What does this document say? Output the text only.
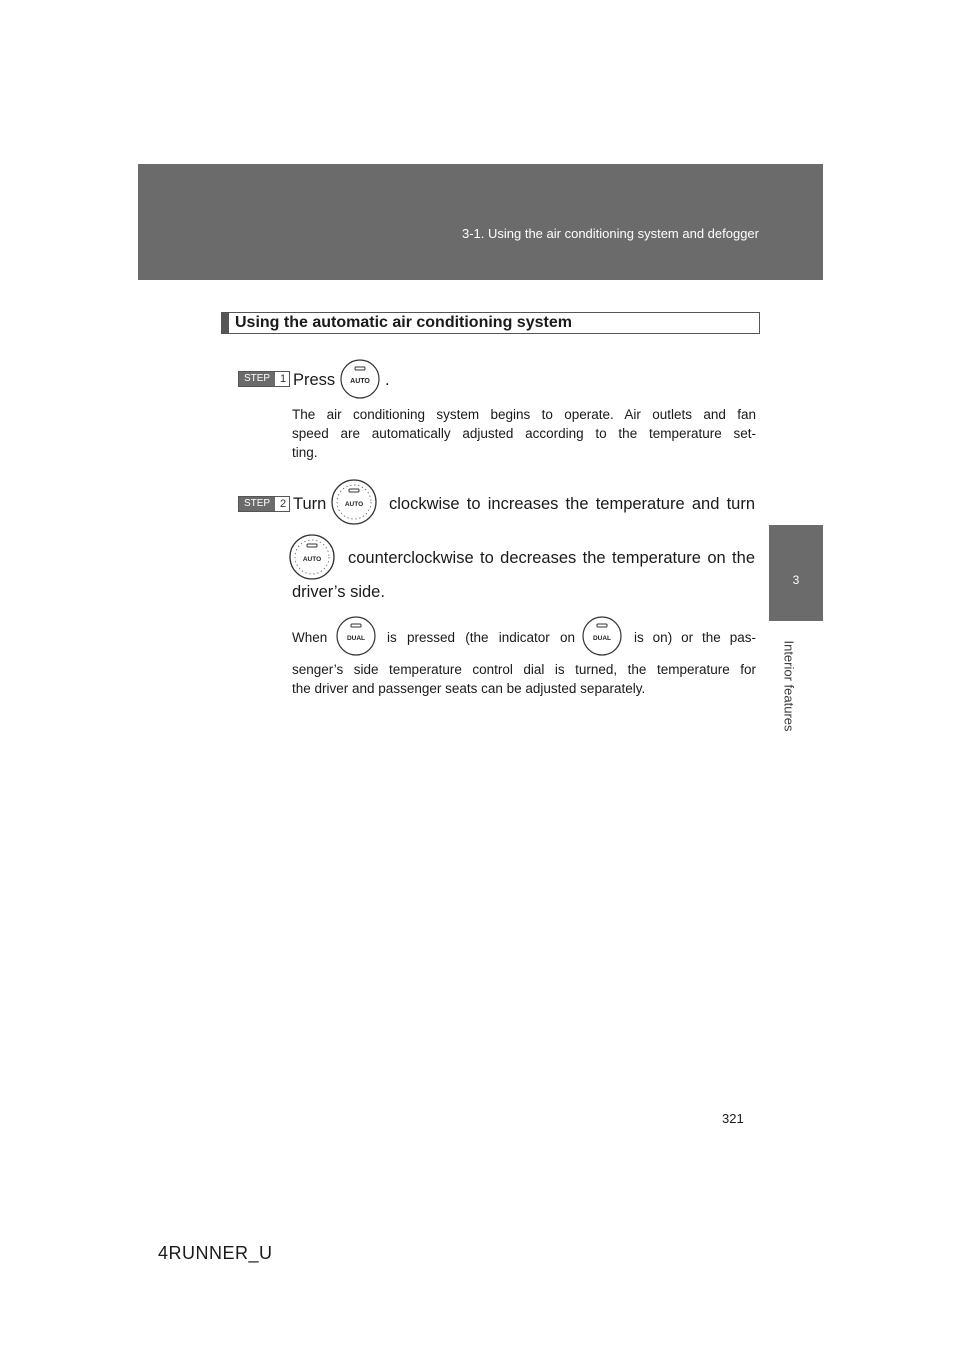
3-1. Using the air conditioning system and defogger
3
Interior features
Using the automatic air conditioning system
STEP 1 Press AUTO .
The air conditioning system begins to operate. Air outlets and fan
speed are automatically adjusted according to the temperature set-
ting.
STEP 2 Turn	AUTO clockwise to increases the temperature and turn
AUTO counterclockwise to decreases the temperature on the
driver’s side.
When	DUAL is pressed (the indicator on	DUAL is on) or the pas-
senger’s side temperature control dial is turned, the temperature for
the driver and passenger seats can be adjusted separately.
321
4RUNNER_U
